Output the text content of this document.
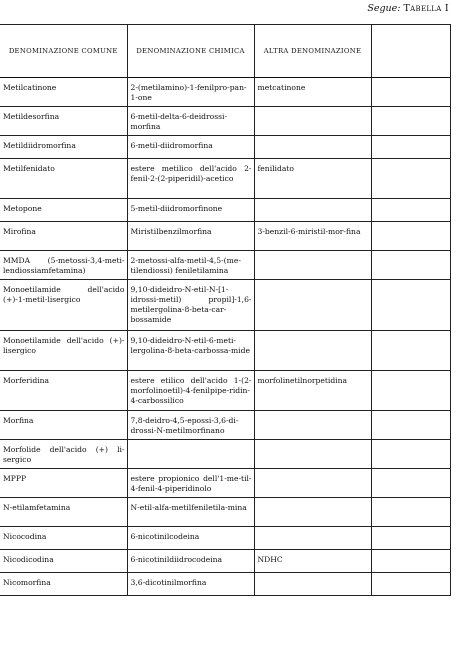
Segue: Tabella I
DENOMINAZIONE COMUNE	DENOMINAZIONE CHIMICA	ALTRA DENOMINAZIONE	
Metilcatinone	2-(metilamino)-1-fenilpro-pan-1-one	metcatinone	
Metildesorfina	6-metil-delta-6-deidrossi-morfina		
Metildiidromorfina	6-metil-diidromorfina		
Metilfenidato	estere metilico dell'acido 2-fenil-2-(2-piperidil)-acetico	fenilidato	
Metopone	5-metil-diidromorfinone		
Mirofina	Miristilbenzilmorfina	3-benzil-6-miristil-mor-fina	
MMDA (5-metossi-3,4-meti-lendiossiamfetamina)	2-metossi-alfa-metil-4,5-(me-tilendiossi) feniletilamina		
Monoetilamide dell'acido (+)-1-metil-lisergico	9,10-dideidro-N-etil-N-[1-idrossi-metil) propil]-1,6-metilergolina-8-beta-car-bossamide		
Monoetilamide dell'acido (+)-lisergico	9,10-dideidro-N-etil-6-meti-lergolina-8-beta-carbossa-mide		
Morferidina	estere etilico dell'acido 1-(2-morfolinoetil)-4-fenilpipe-ridin-4-carbossilico	morfolinetilnorpetidina	
Morfina	7,8-deidro-4,5-epossi-3,6-di-drossi-N-metilmorfinano		
Morfolide dell'acido (+) li-sergico			
MPPP	estere propionico dell'1-me-til-4-fenil-4-piperidinolo		
N-etilamfetamina	N-etil-alfa-metilfeniletila-mina		
Nicocodina	6-nicotinilcodeina		
Nicodicodina	6-nicotinildiidrocodeina	NDHC	
Nicomorfina	3,6-dicotinilmorfina		
